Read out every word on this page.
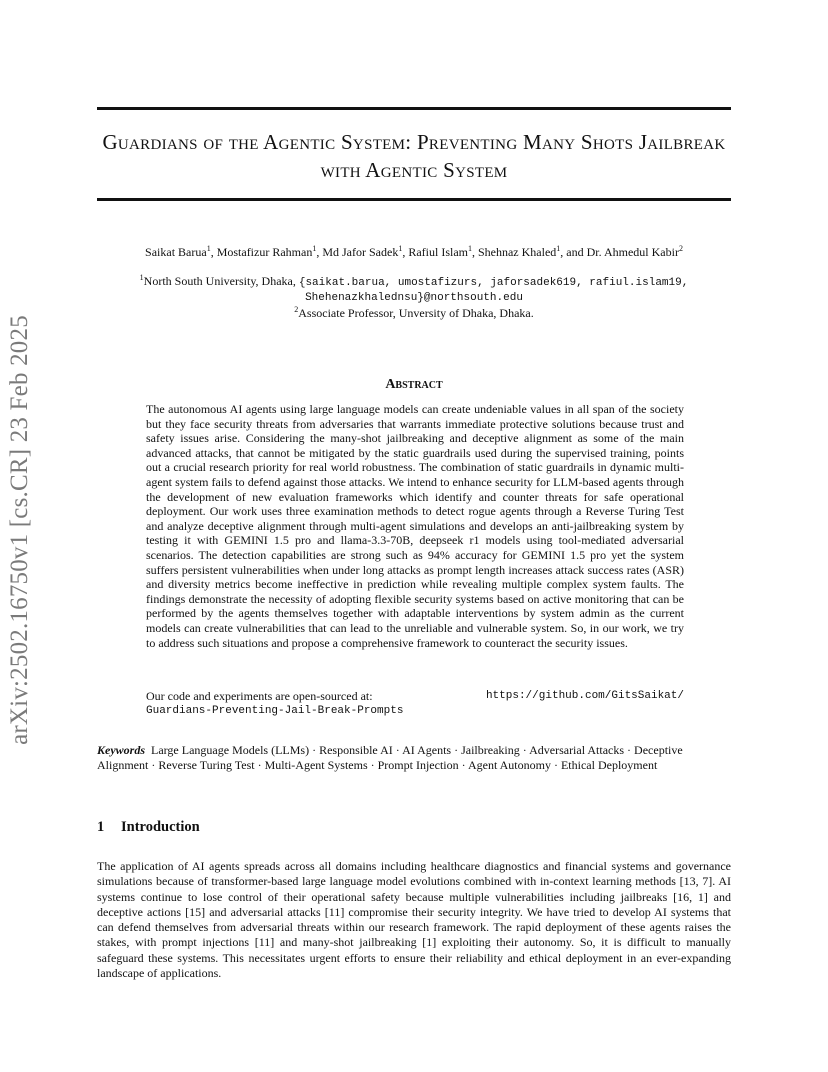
arXiv:2502.16750v1 [cs.CR] 23 Feb 2025
Guardians of the Agentic System: Preventing Many Shots Jailbreak with Agentic System
Saikat Barua$^1$, Mostafizur Rahman$^1$, Md Jafor Sadek$^1$, Rafiul Islam$^1$, Shehnaz Khaled$^1$, and Dr. Ahmedul Kabir$^2$
$^1$North South University, Dhaka, {saikat.barua, umostafizurs, jaforsadek619, rafiul.islam19,
Shehenazkhalednsu}@northsouth.edu
$^2$Associate Professor, Unversity of Dhaka, Dhaka.
Abstract

The autonomous AI agents using large language models can create undeniable values in all span of the society but they face security threats from adversaries that warrants immediate protective solutions because trust and safety issues arise. Considering the many-shot jailbreaking and deceptive alignment as some of the main advanced attacks, that cannot be mitigated by the static guardrails used during the supervised training, points out a crucial research priority for real world robustness. The combination of static guardrails in dynamic multi-agent system fails to defend against those attacks. We intend to enhance security for LLM-based agents through the development of new evaluation frameworks which identify and counter threats for safe operational deployment. Our work uses three examination methods to detect rogue agents through a Reverse Turing Test and analyze deceptive alignment through multi-agent simulations and develops an anti-jailbreaking system by testing it with GEMINI 1.5 pro and llama-3.3-70B, deepseek r1 models using tool-mediated adversarial scenarios. The detection capabilities are strong such as 94% accuracy for GEMINI 1.5 pro yet the system suffers persistent vulnerabilities when under long attacks as prompt length increases attack success rates (ASR) and diversity metrics become ineffective in prediction while revealing multiple complex system faults. The findings demonstrate the necessity of adopting flexible security systems based on active monitoring that can be performed by the agents themselves together with adaptable interventions by system admin as the current models can create vulnerabilities that can lead to the unreliable and vulnerable system. So, in our work, we try to address such situations and propose a comprehensive framework to counteract the security issues.

Our code and experiments are open-sourced at:	https://github.com/GitsSaikat/
Guardians-Preventing-Jail-Break-Prompts
Keywords Large Language Models (LLMs) · Responsible AI · AI Agents · Jailbreaking · Adversarial Attacks · Deceptive Alignment · Reverse Turing Test · Multi-Agent Systems · Prompt Injection · Agent Autonomy · Ethical Deployment
1 Introduction

The application of AI agents spreads across all domains including healthcare diagnostics and financial systems and governance simulations because of transformer-based large language model evolutions combined with in-context learning methods [13, 7]. AI systems continue to lose control of their operational safety because multiple vulnerabilities including jailbreaks [16, 1] and deceptive actions [15] and adversarial attacks [11] compromise their security integrity. We have tried to develop AI systems that can defend themselves from adversarial threats within our research framework. The rapid deployment of these agents raises the stakes, with prompt injections [11] and many-shot jailbreaking [1] exploiting their autonomy. So, it is difficult to manually safeguard these systems. This necessitates urgent efforts to ensure their reliability and ethical deployment in an ever-expanding landscape of applications.
